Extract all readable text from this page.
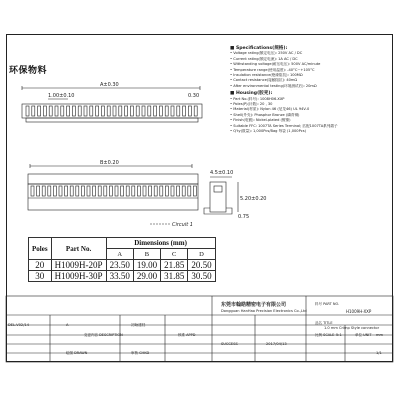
环保物料
A±0.30
1.00±0.10	0.30
B±0.20
4.5±0.10
5.20±0.20
0.75
Circuit 1
■ Specifications(规格):
• Voltage rating(额定电压): 250V AC / DC
• Current rating(额定电流): 1A AC / DC
• Withstanding voltage(耐压电压): 500V AC/minute
• Temperature range(使用温度): -40°C~+105°C
• Insulation resistance(绝缘阻抗): 100MΩ
• Contact resistance(接触阻抗): 40mΩ
• After environmental testing(环境测试后): 20mΩ
■ Housing(胶壳):
• Part No.(料号): 1008H06-XXP
• Poles(P)(针数): 20 , 30
• Material(材质): Nylon 46 (尼龙46) UL 94V-0
• Shell(外壳): Phosphor Bronze (磷青铜)
• Finish(电镀): Nickel-plated (镀镍)
• Suitable FFC: 1007TA Series Terminal; 匹配1007TA系列端子
• Q'ty(数量): 1,000Pcs/Bag 每袋 (1,000Pcs)
Poles	Part No.	Dimensions (mm)			
		A	B	C	D
20	H1009H-20P	23.50	19.00	21.85	20.50
30	H1009H-30P	33.50	29.00	31.85	30.50
东莞市翰皓精密电子有限公司
Dongguan HanHao Precision Electronics Co.,Ltd
料号 PART NO.
H1009H-XXP
品名 TITLE
1.0 mm Crimp Style connector
DEL.V02/14	A	初始建档
变更内容 DESCRIPTION	核准 APPD
SUCCESS	2017/04/13
比例 SCALE 5:1	单位 UNIT mm
1/1
绘图 DRAWN	审核 CHKD
